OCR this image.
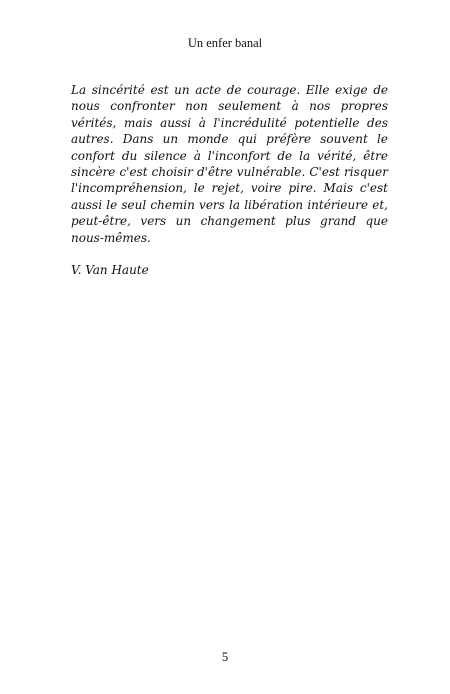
Un enfer banal

La sincérité est un acte de courage. Elle exige de nous confronter non seulement à nos propres vérités, mais aussi à l'incrédulité potentielle des autres. Dans un monde qui préfère souvent le confort du silence à l'inconfort de la vérité, être sincère c'est choisir d'être vulnérable. C'est risquer l'incompréhension, le rejet, voire pire. Mais c'est aussi le seul chemin vers la libération intérieure et, peut-être, vers un changement plus grand que nous-mêmes.

V. Van Haute

5
